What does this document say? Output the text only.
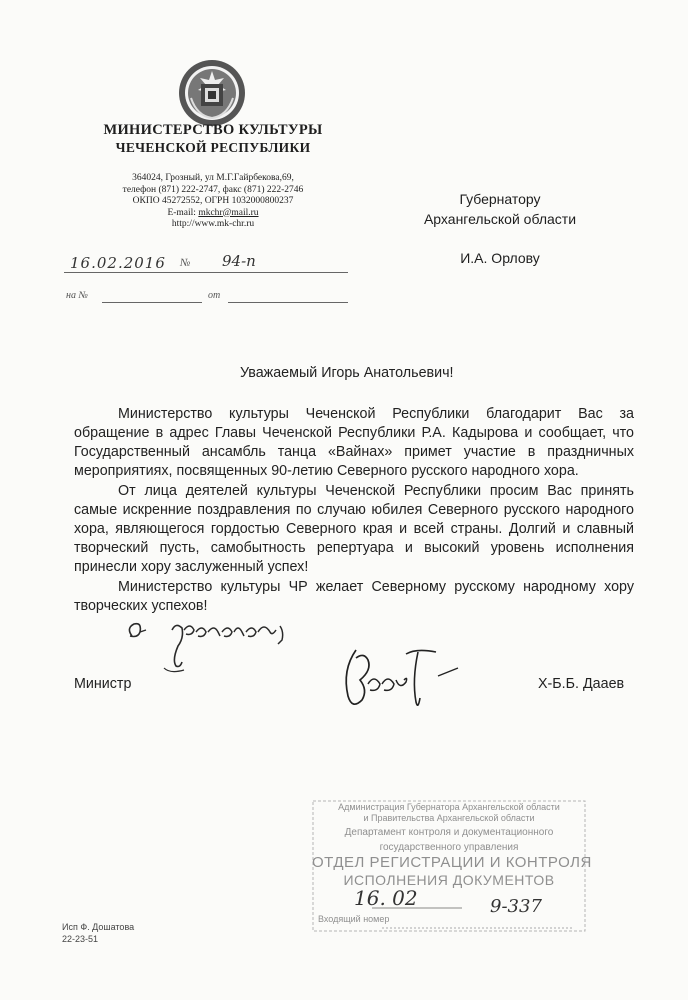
МИНИСТЕРСТВО КУЛЬТУРЫ
ЧЕЧЕНСКОЙ РЕСПУБЛИКИ
364024, Грозный, ул М.Г.Гайрбекова,69,
телефон (871) 222-2747, факс (871) 222-2746
ОКПО 45272552, ОГРН 1032000800237
E-mail: mkchr@mail.ru
http://www.mk-chr.ru
Губернатору
Архангельской области
И.А. Орлову
16.02.2016 № 94-п
на №	от
Уважаемый Игорь Анатольевич!
Министерство культуры Чеченской Республики благодарит Вас за обращение в адрес Главы Чеченской Республики Р.А. Кадырова и сообщает, что Государственный ансамбль танца «Вайнах» примет участие в праздничных мероприятиях, посвященных 90-летию Северного русского народного хора.
От лица деятелей культуры Чеченской Республики просим Вас принять самые искренние поздравления по случаю юбилея Северного русского народного хора, являющегося гордостью Северного края и всей страны. Долгий и славный творческий пусть, самобытность репертуара и высокий уровень исполнения принесли хору заслуженный успех!
Министерство культуры ЧР желает Северному русскому народному хору творческих успехов!
Министр	Х-Б.Б. Даaев
Администрация Губернатора Архангельской области
и Правительства Архангельской области
Департамент контроля и документационного
государственного управления
ОТДЕЛ РЕГИСТРАЦИИ И КОНТРОЛЯ
ИСПОЛНЕНИЯ ДОКУМЕНТОВ
16. 02	9-337
Входящий номер
Исп Ф. Дошатова
22-23-51
